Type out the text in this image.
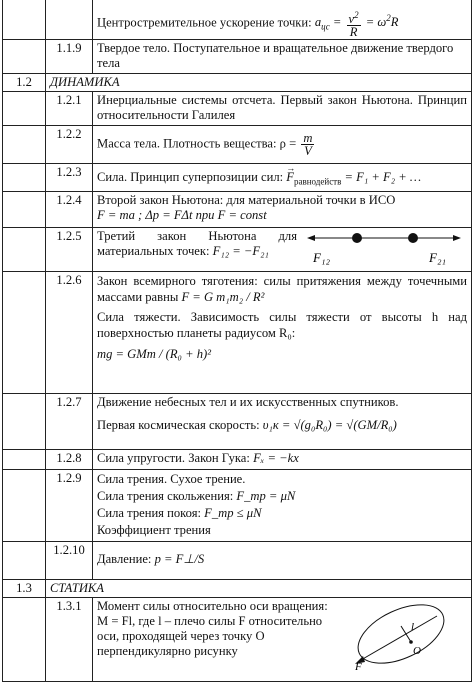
		Центростремительное ускорение точки: $a_{цс} = \frac{v^2}{R} = \omega^2R$
	1.1.9	Твердое тело. Поступательное и вращательное движение твердого тела
1.2	ДИНАМИКА	
	1.2.1	Инерциальные системы отсчета. Первый закон Ньютона. Принцип относительности Галилея
	1.2.2	Масса тела. Плотность вещества: $\rho = \frac{m}{V}$

	1.2.3	Сила. Принцип суперпозиции сил: → $F_{равнодейств} = F_1 + F_2$ + …
	1.2.4	Второй закон Ньютона: для материальной точки в ИСО
F = ma ; Δp = FΔt при F = const

	1.2.5	Третий закон Ньютона для материальных точек: F₁₂ = −F₂₁ F₁₂ F₂₁

	1.2.6	Закон всемирного тяготения: силы притяжения между точечными массами равны F = G m₁m₂ / R²
Сила тяжести. Зависимость силы тяжести от высоты h над поверхностью планеты радиусом R₀:
mg = GMm / (R₀ + h)²

	1.2.7	Движение небесных тел и их искусственных спутников.
Первая космическая скорость: υ₁к = √(g₀R₀) = √(GM/R₀)

	1.2.8	Сила упругости. Закон Гука: Fₓ = −kx
	1.2.9	Сила трения. Сухое трение.
Сила трения скольжения: F_тр = μN
Сила трения покоя: F_тр ≤ μN
Коэффициент трения

	1.2.10	Давление: p = F⊥/S
1.3	СТАТИКА	
	1.3.1	Момент силы относительно оси вращения:
M = Fl, где l – плечо силы F относительно оси, проходящей через точку O перпендикулярно рисунку
l
O
F
